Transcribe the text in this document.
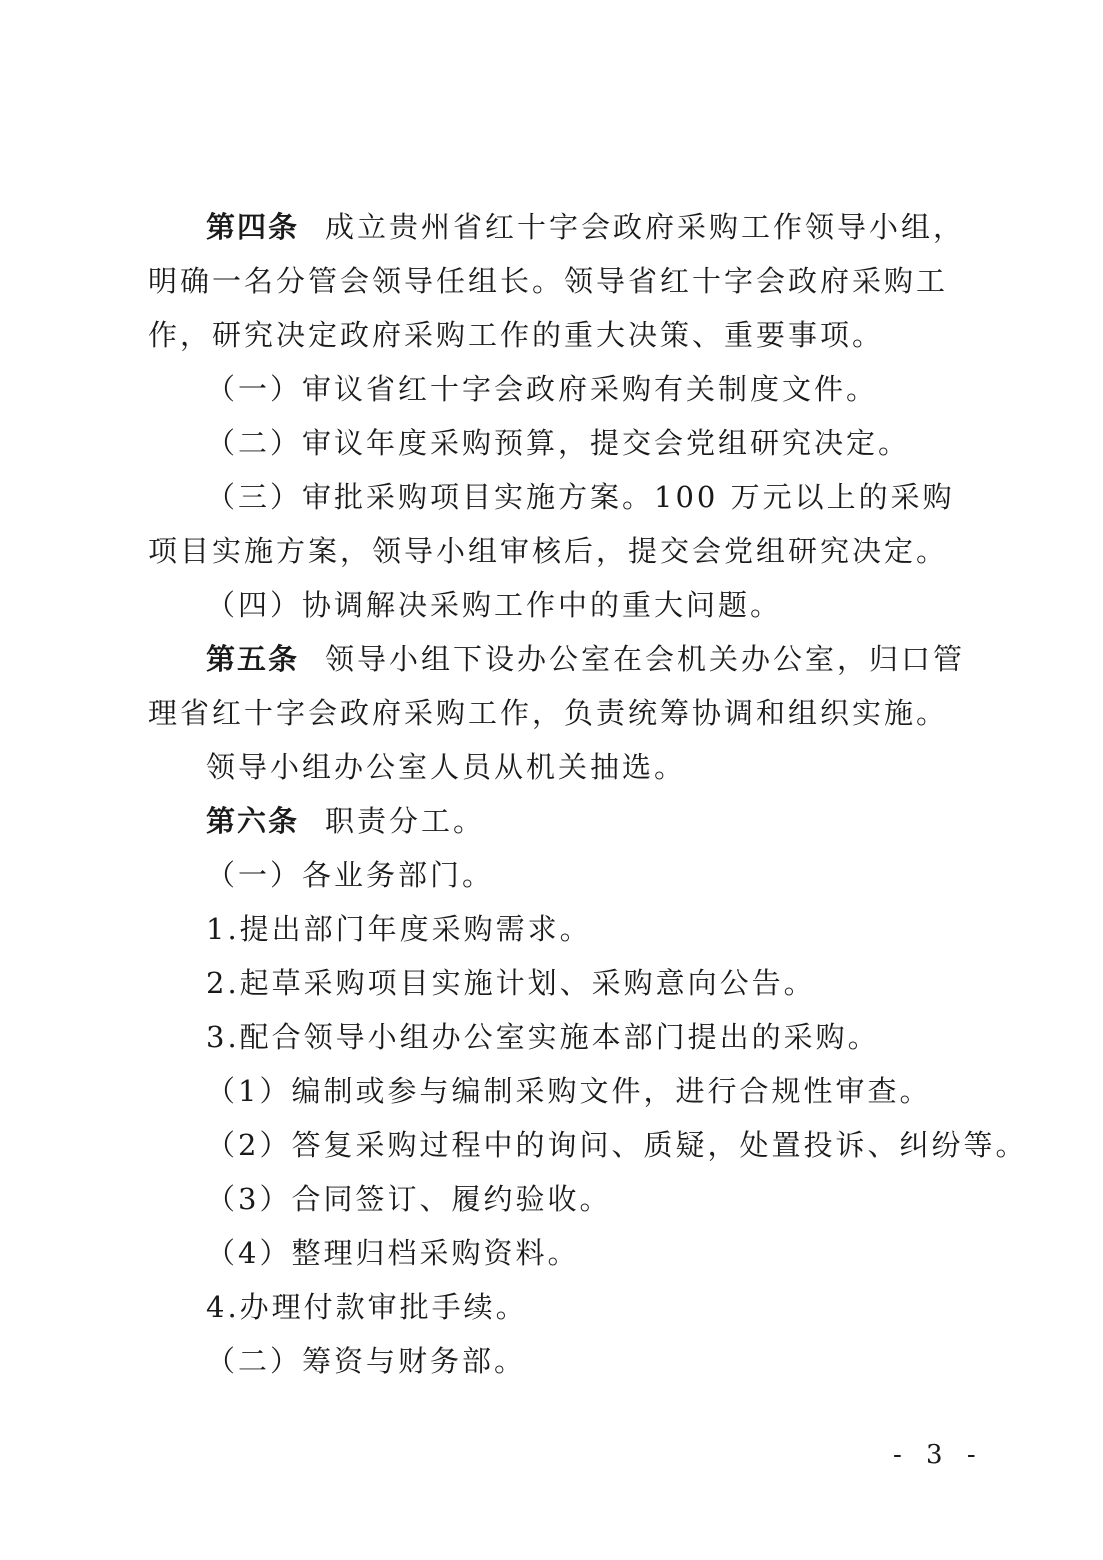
第四条 成立贵州省红十字会政府采购工作领导小组，明确一名分管会领导任组长。领导省红十字会政府采购工作，研究决定政府采购工作的重大决策、重要事项。

（一）审议省红十字会政府采购有关制度文件。

（二）审议年度采购预算，提交会党组研究决定。

（三）审批采购项目实施方案。100 万元以上的采购项目实施方案，领导小组审核后，提交会党组研究决定。

（四）协调解决采购工作中的重大问题。

第五条 领导小组下设办公室在会机关办公室，归口管理省红十字会政府采购工作，负责统筹协调和组织实施。

领导小组办公室人员从机关抽选。

第六条 职责分工。

（一）各业务部门。

1.提出部门年度采购需求。

2.起草采购项目实施计划、采购意向公告。

3.配合领导小组办公室实施本部门提出的采购。

（1）编制或参与编制采购文件，进行合规性审查。

（2）答复采购过程中的询问、质疑，处置投诉、纠纷等。

（3）合同签订、履约验收。

（4）整理归档采购资料。

4.办理付款审批手续。

（二）筹资与财务部。

- 3 -
